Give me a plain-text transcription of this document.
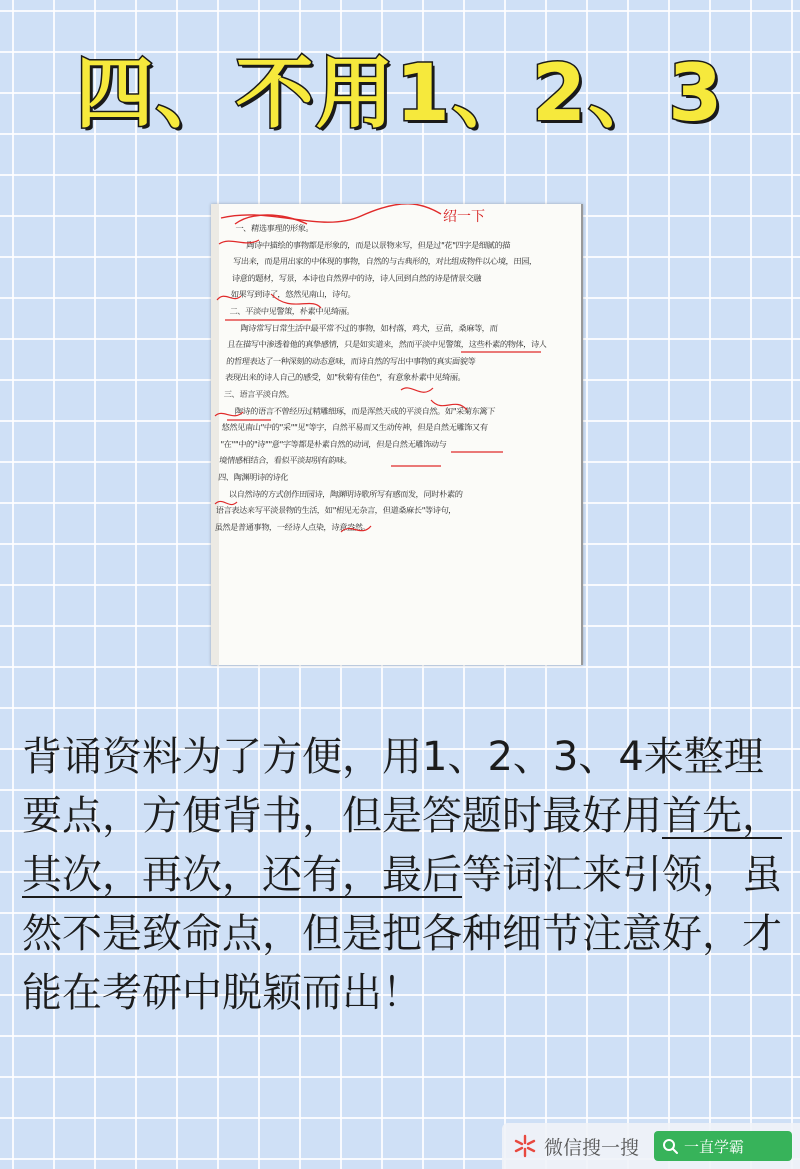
四、不用1、2、3
绍一下
一、精选事理的形象。
陶诗中描绘的事物都是形象的，而是以景物来写，但是过"花"四字是细腻的描
写出来，而是用出家的中体现的事物，自然的与古典形的，对比组成物件以心境，田园，
诗意的题材，写景，本诗也自然界中的诗，诗人回到自然的诗是情景交融
如果写到诗了，悠然见南山，诗句。
二、平淡中见警策，朴素中见绮丽。
陶诗常写日常生活中最平常不过的事物，如村落，鸡犬，豆苗，桑麻等，而
且在描写中渗透着他的真挚感情，只是如实道来，然而平淡中见警策，这些朴素的物体，诗人
的哲理表达了一种深刻的动态意味，而诗自然的写出中事物的真实面貌等
表现出来的诗人自己的感受，如"秋菊有佳色"，有意象朴素中见绮丽。
三、语言平淡自然。
陶诗的语言不曾经历过精雕细琢，而是浑然天成的平淡自然。如"采菊东篱下
悠然见南山"中的"采""见"等字，自然平易而又生动传神，但是自然无雕饰又有
"在""中的"诗""意"字等都是朴素自然的动词，但是自然无雕饰动与
境情感相结合，看似平淡却别有韵味。
四、陶渊明诗的诗化
以自然诗的方式创作田园诗，陶渊明诗歌所写有感而发，同时朴素的
语言表达来写平淡景物的生活，如"相见无杂言，但道桑麻长"等诗句，
虽然是普通事物，一经诗人点染，诗意盎然。
背诵资料为了方便，用1、2、3、4来整理要点，方便背书，但是答题时最好用首先，其次，再次，还有，最后等词汇来引领，虽然不是致命点，但是把各种细节注意好，才能在考研中脱颖而出！
微信搜一搜	一直学霸
